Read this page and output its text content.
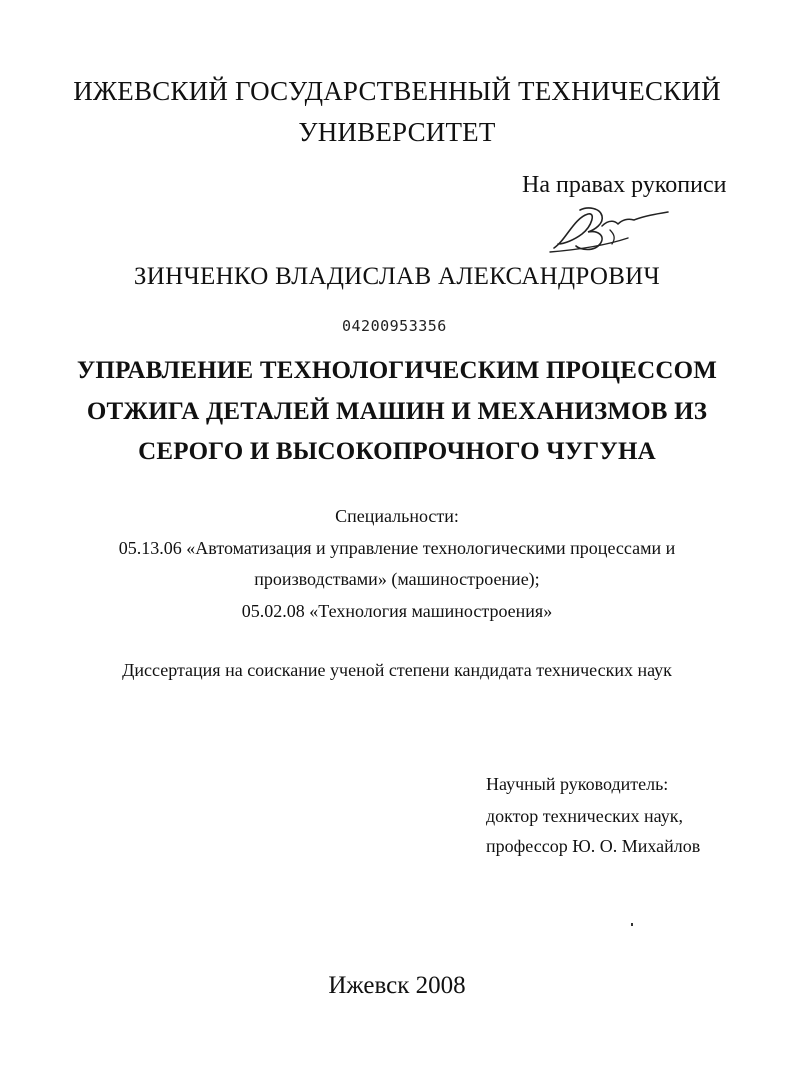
ИЖЕВСКИЙ ГОСУДАРСТВЕННЫЙ ТЕХНИЧЕСКИЙ
УНИВЕРСИТЕТ
На правах рукописи
ЗИНЧЕНКО ВЛАДИСЛАВ АЛЕКСАНДРОВИЧ
04200953356
УПРАВЛЕНИЕ ТЕХНОЛОГИЧЕСКИМ ПРОЦЕССОМ
ОТЖИГА ДЕТАЛЕЙ МАШИН И МЕХАНИЗМОВ ИЗ
СЕРОГО И ВЫСОКОПРОЧНОГО ЧУГУНА
Специальности:
05.13.06 «Автоматизация и управление технологическими процессами и
производствами» (машиностроение);
05.02.08 «Технология машиностроения»
Диссертация на соискание ученой степени кандидата технических наук
Научный руководитель:
доктор технических наук,
профессор Ю. О. Михайлов
Ижевск 2008
